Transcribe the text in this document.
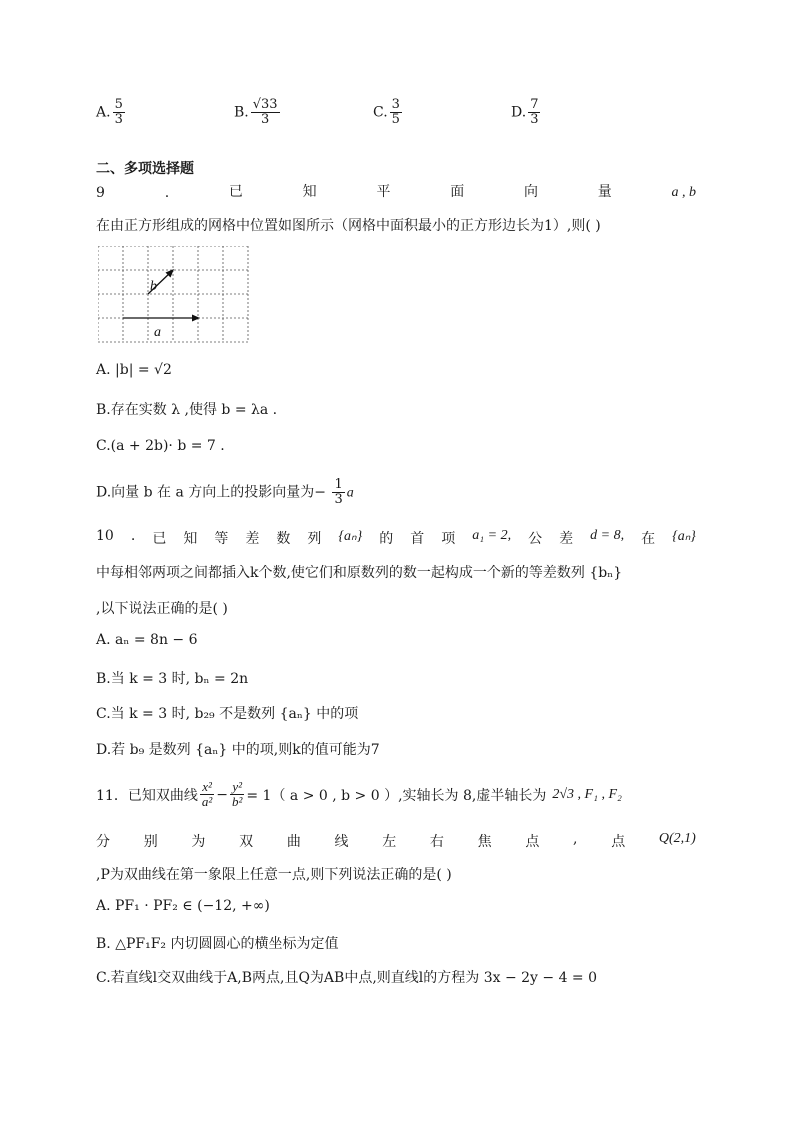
A. $\frac{5}{3}$	B. $\frac{√33}{3}$	C. $\frac{3}{5}$	D. $\frac{7}{3}$
二、多项选择题
9	.	已	知	平	面	向	量	a , b
在由正方形组成的网格中位置如图所示（网格中面积最小的正方形边长为1）,则( )
a
b
A. |b| = √2
B.存在实数 λ ,使得 b = λa .
C.(a + 2b)· b = 7 .
D.向量 b 在 a 方向上的投影向量为− $\frac{1}{3}$ a
10 . 已 知 等 差 数 列 {aₙ} 的 首 项 a₁ = 2, 公 差 d = 8, 在 {aₙ}
中每相邻两项之间都插入k个数,使它们和原数列的数一起构成一个新的等差数列 {bₙ}
,以下说法正确的是( )
A. aₙ = 8n − 6
B.当 k = 3 时, bₙ = 2n
C.当 k = 3 时, b₂₉ 不是数列 {aₙ} 中的项
D.若 b₉ 是数列 {aₙ} 中的项,则k的值可能为7
11．已知双曲线 $\frac{\text{x²}}{\text{a²}} - \frac{\text{y²}}{\text{b²}} = 1$（ a > 0 , b > 0 ）,实轴长为 8,虚半轴长为 2√3 , F₁ , F₂
分 别 为 双 曲 线 左 右 焦 点 , 点 Q(2,1)
,P为双曲线在第一象限上任意一点,则下列说法正确的是( )
A. PF₁ · PF₂ ∈ (−12, +∞)
B. △PF₁F₂ 内切圆圆心的横坐标为定值
C.若直线l交双曲线于A,B两点,且Q为AB中点,则直线l的方程为 3x − 2y − 4 = 0
